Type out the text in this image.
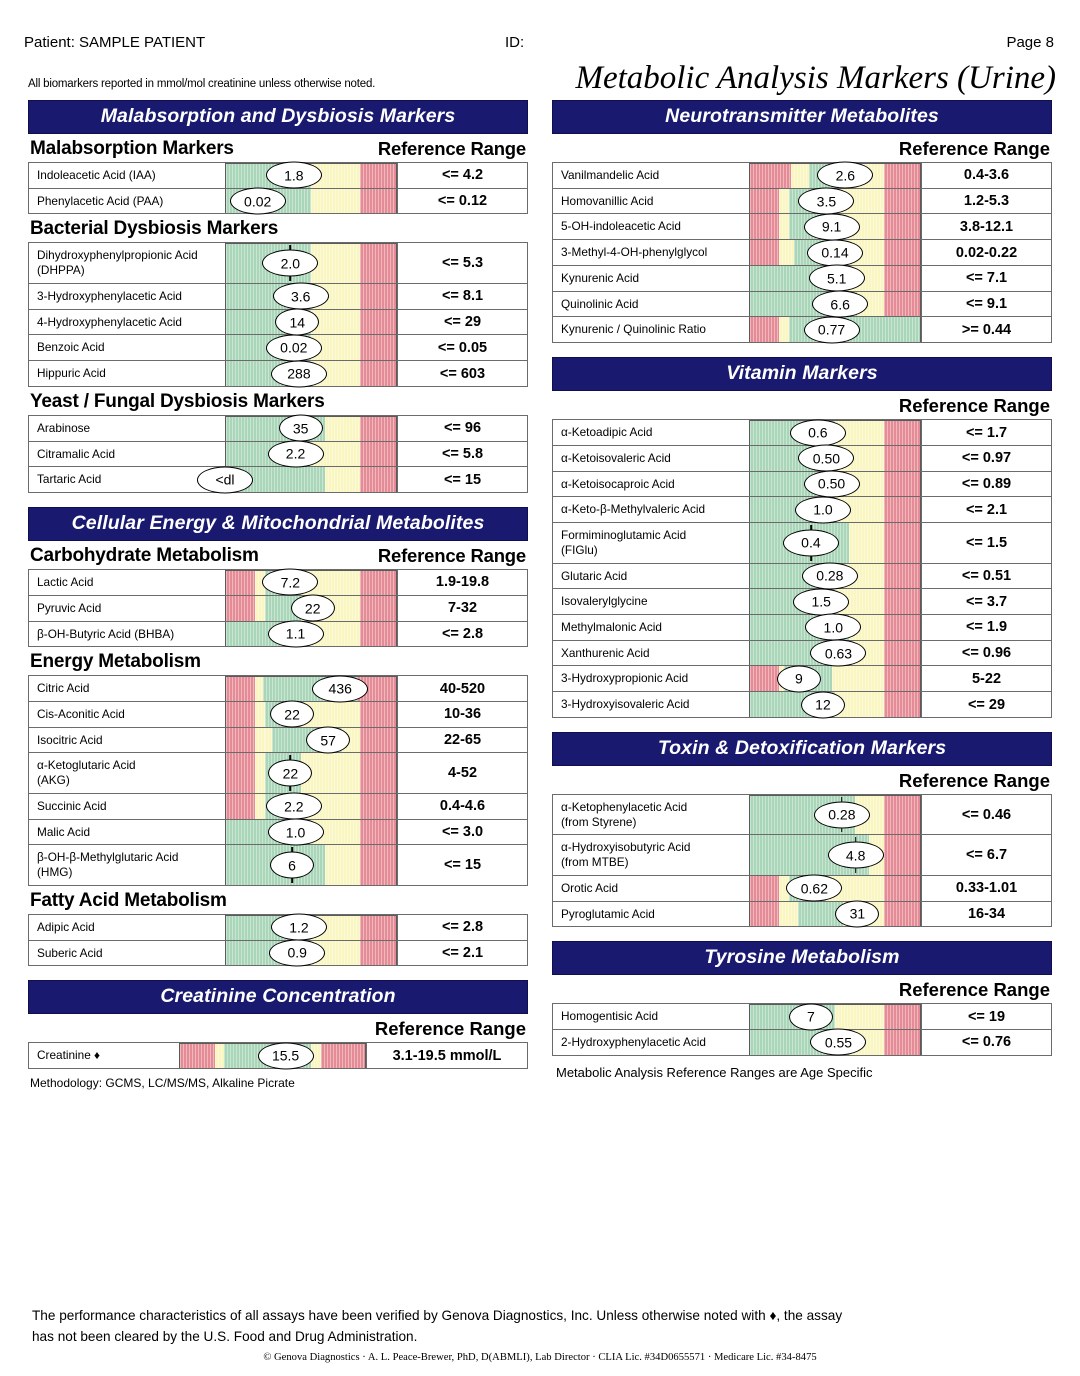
Patient: SAMPLE PATIENT	ID:	Page 8
All biomarkers reported in mmol/mol creatinine unless otherwise noted.	Metabolic Analysis Markers (Urine)
Malabsorption and Dysbiosis Markers
Malabsorption Markers	Reference Range
Indoleacetic Acid (IAA)	1.8	<= 4.2
Phenylacetic Acid (PAA)	0.02	<= 0.12
Bacterial Dysbiosis Markers
Dihydroxyphenylpropionic Acid
(DHPPA)	2.0	<= 5.3
3-Hydroxyphenylacetic Acid	3.6	<= 8.1
4-Hydroxyphenylacetic Acid	14	<= 29
Benzoic Acid	0.02	<= 0.05
Hippuric Acid	288	<= 603
Yeast / Fungal Dysbiosis Markers
Arabinose	35	<= 96
Citramalic Acid	2.2	<= 5.8
Tartaric Acid	<dl	<= 15
Cellular Energy & Mitochondrial Metabolites
Carbohydrate Metabolism	Reference Range
Lactic Acid	7.2	1.9-19.8
Pyruvic Acid	22	7-32
β-OH-Butyric Acid (BHBA)	1.1	<= 2.8
Energy Metabolism
Citric Acid	436	40-520
Cis-Aconitic Acid	22	10-36
Isocitric Acid	57	22-65
α-Ketoglutaric Acid
(AKG)	22	4-52
Succinic Acid	2.2	0.4-4.6
Malic Acid	1.0	<= 3.0
β-OH-β-Methylglutaric Acid
(HMG)	6	<= 15
Fatty Acid Metabolism
Adipic Acid	1.2	<= 2.8
Suberic Acid	0.9	<= 2.1
Creatinine Concentration
Reference Range
Creatinine ♦	15.5	3.1-19.5 mmol/L
Methodology: GCMS, LC/MS/MS, Alkaline Picrate
Neurotransmitter Metabolites
Reference Range
Vanilmandelic Acid	2.6	0.4-3.6
Homovanillic Acid	3.5	1.2-5.3
5-OH-indoleacetic Acid	9.1	3.8-12.1
3-Methyl-4-OH-phenylglycol	0.14	0.02-0.22
Kynurenic Acid	5.1	<= 7.1
Quinolinic Acid	6.6	<= 9.1
Kynurenic / Quinolinic Ratio	0.77	>= 0.44
Vitamin Markers
Reference Range
α-Ketoadipic Acid	0.6	<= 1.7
α-Ketoisovaleric Acid	0.50	<= 0.97
α-Ketoisocaproic Acid	0.50	<= 0.89
α-Keto-β-Methylvaleric Acid	1.0	<= 2.1
Formiminoglutamic Acid
(FIGlu)	0.4	<= 1.5
Glutaric Acid	0.28	<= 0.51
Isovalerylglycine	1.5	<= 3.7
Methylmalonic Acid	1.0	<= 1.9
Xanthurenic Acid	0.63	<= 0.96
3-Hydroxypropionic Acid	9	5-22
3-Hydroxyisovaleric Acid	12	<= 29
Toxin & Detoxification Markers
Reference Range
α-Ketophenylacetic Acid
(from Styrene)	0.28	<= 0.46
α-Hydroxyisobutyric Acid
(from MTBE)	4.8	<= 6.7
Orotic Acid	0.62	0.33-1.01
Pyroglutamic Acid	31	16-34
Tyrosine Metabolism
Reference Range
Homogentisic Acid	7	<= 19
2-Hydroxyphenylacetic Acid	0.55	<= 0.76
Metabolic Analysis Reference Ranges are Age Specific
The performance characteristics of all assays have been verified by Genova Diagnostics, Inc. Unless otherwise noted with ♦, the assay
has not been cleared by the U.S. Food and Drug Administration.
© Genova Diagnostics · A. L. Peace-Brewer, PhD, D(ABMLI), Lab Director · CLIA Lic. #34D0655571 · Medicare Lic. #34-8475
